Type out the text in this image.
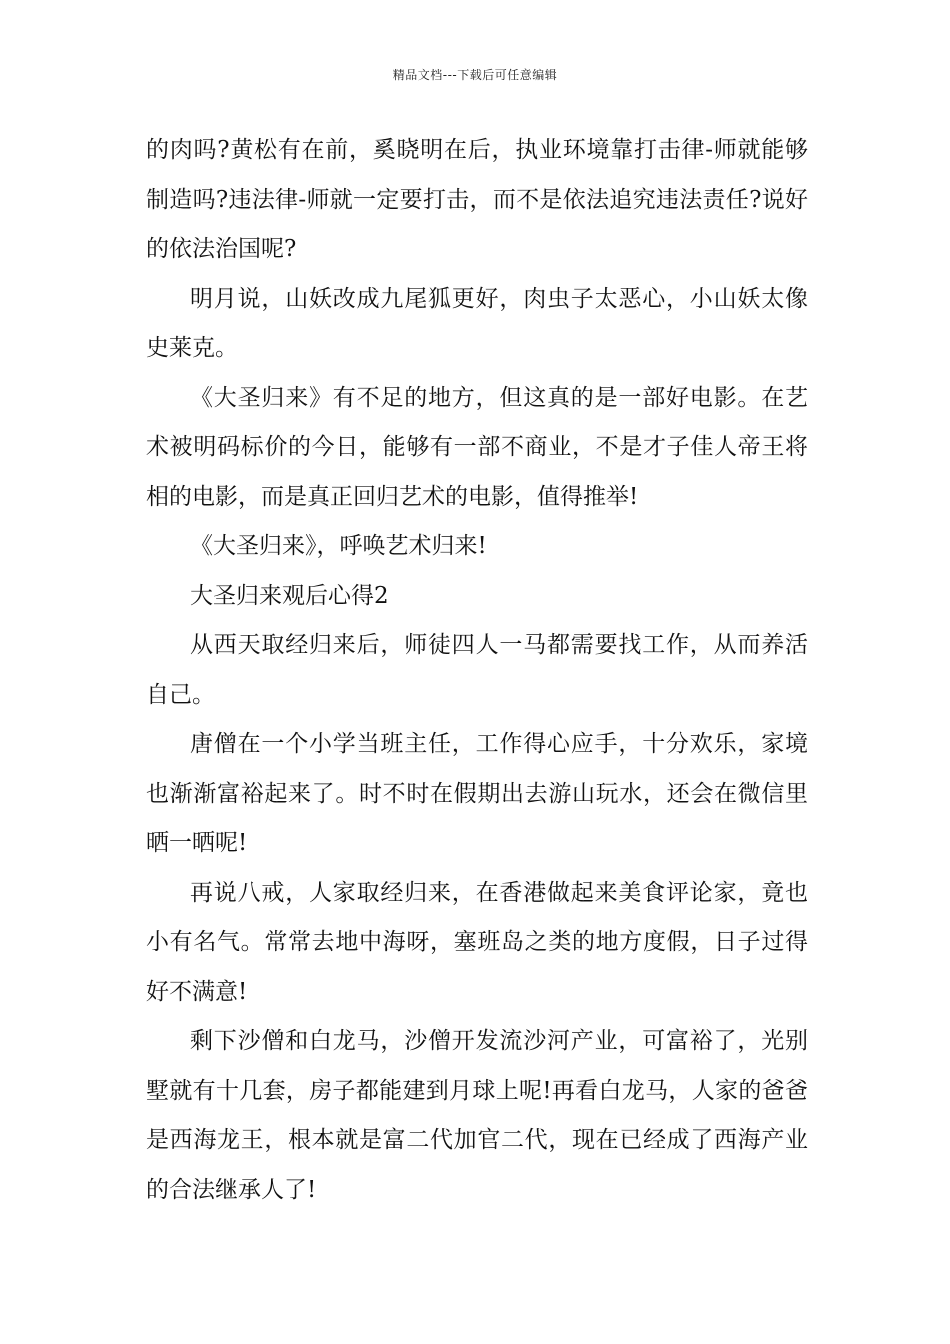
精品文档---下载后可任意编辑

的肉吗?黄松有在前，奚晓明在后，执业环境靠打击律-师就能够制造吗?违法律-师就一定要打击，而不是依法追究违法责任?说好的依法治国呢?

明月说，山妖改成九尾狐更好，肉虫子太恶心，小山妖太像史莱克。

《大圣归来》有不足的地方，但这真的是一部好电影。在艺术被明码标价的今日，能够有一部不商业，不是才子佳人帝王将相的电影，而是真正回归艺术的电影，值得推举!

《大圣归来》，呼唤艺术归来!

大圣归来观后心得2

从西天取经归来后，师徒四人一马都需要找工作，从而养活自己。

唐僧在一个小学当班主任，工作得心应手，十分欢乐，家境也渐渐富裕起来了。时不时在假期出去游山玩水，还会在微信里晒一晒呢!

再说八戒，人家取经归来，在香港做起来美食评论家，竟也小有名气。常常去地中海呀，塞班岛之类的地方度假，日子过得好不满意!

剩下沙僧和白龙马，沙僧开发流沙河产业，可富裕了，光别墅就有十几套，房子都能建到月球上呢!再看白龙马，人家的爸爸是西海龙王，根本就是富二代加官二代，现在已经成了西海产业的合法继承人了!
